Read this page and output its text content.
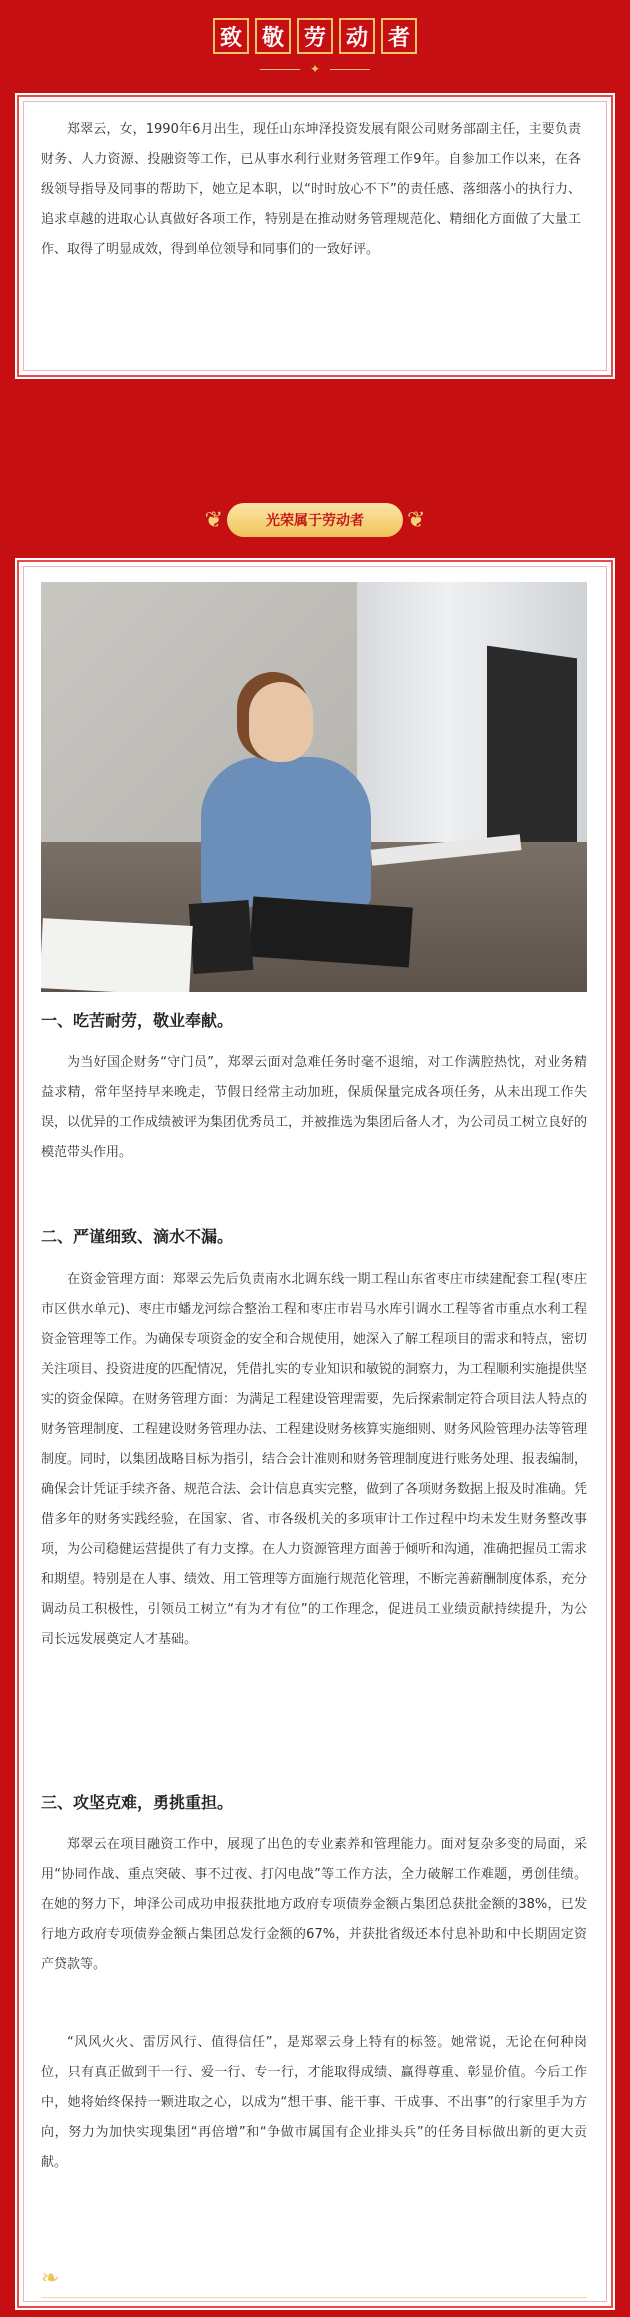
致 敬 劳 动 者
✦

郑翠云，女，1990年6月出生，现任山东坤泽投资发展有限公司财务部副主任，主要负责财务、人力资源、投融资等工作，已从事水利行业财务管理工作9年。自参加工作以来，在各级领导指导及同事的帮助下，她立足本职，以“时时放心不下”的责任感、落细落小的执行力、追求卓越的进取心认真做好各项工作，特别是在推动财务管理规范化、精细化方面做了大量工作、取得了明显成效，得到单位领导和同事们的一致好评。

❦	光荣属于劳动者	❦
一、吃苦耐劳，敬业奉献。

为当好国企财务“守门员”，郑翠云面对急难任务时毫不退缩，对工作满腔热忱，对业务精益求精，常年坚持早来晚走，节假日经常主动加班，保质保量完成各项任务，从未出现工作失误，以优异的工作成绩被评为集团优秀员工，并被推选为集团后备人才，为公司员工树立良好的模范带头作用。

二、严谨细致、滴水不漏。

在资金管理方面：郑翠云先后负责南水北调东线一期工程山东省枣庄市续建配套工程(枣庄市区供水单元)、枣庄市蟠龙河综合整治工程和枣庄市岩马水库引调水工程等省市重点水利工程资金管理等工作。为确保专项资金的安全和合规使用，她深入了解工程项目的需求和特点，密切关注项目、投资进度的匹配情况，凭借扎实的专业知识和敏锐的洞察力，为工程顺利实施提供坚实的资金保障。在财务管理方面：为满足工程建设管理需要，先后探索制定符合项目法人特点的财务管理制度、工程建设财务管理办法、工程建设财务核算实施细则、财务风险管理办法等管理制度。同时，以集团战略目标为指引，结合会计准则和财务管理制度进行账务处理、报表编制，确保会计凭证手续齐备、规范合法、会计信息真实完整，做到了各项财务数据上报及时准确。凭借多年的财务实践经验，在国家、省、市各级机关的多项审计工作过程中均未发生财务整改事项，为公司稳健运营提供了有力支撑。在人力资源管理方面善于倾听和沟通，准确把握员工需求和期望。特别是在人事、绩效、用工管理等方面施行规范化管理，不断完善薪酬制度体系，充分调动员工积极性，引领员工树立“有为才有位”的工作理念，促进员工业绩贡献持续提升，为公司长远发展奠定人才基础。

三、攻坚克难，勇挑重担。

郑翠云在项目融资工作中，展现了出色的专业素养和管理能力。面对复杂多变的局面，采用“协同作战、重点突破、事不过夜、打闪电战”等工作方法，全力破解工作难题，勇创佳绩。在她的努力下，坤泽公司成功申报获批地方政府专项债券金额占集团总获批金额的38%，已发行地方政府专项债券金额占集团总发行金额的67%，并获批省级还本付息补助和中长期固定资产贷款等。

“风风火火、雷厉风行、值得信任”，是郑翠云身上特有的标签。她常说，无论在何种岗位，只有真正做到干一行、爱一行、专一行，才能取得成绩、赢得尊重、彰显价值。今后工作中，她将始终保持一颗进取之心，以成为“想干事、能干事、干成事、不出事”的行家里手为方向，努力为加快实现集团“再倍增”和“争做市属国有企业排头兵”的任务目标做出新的更大贡献。

❧
